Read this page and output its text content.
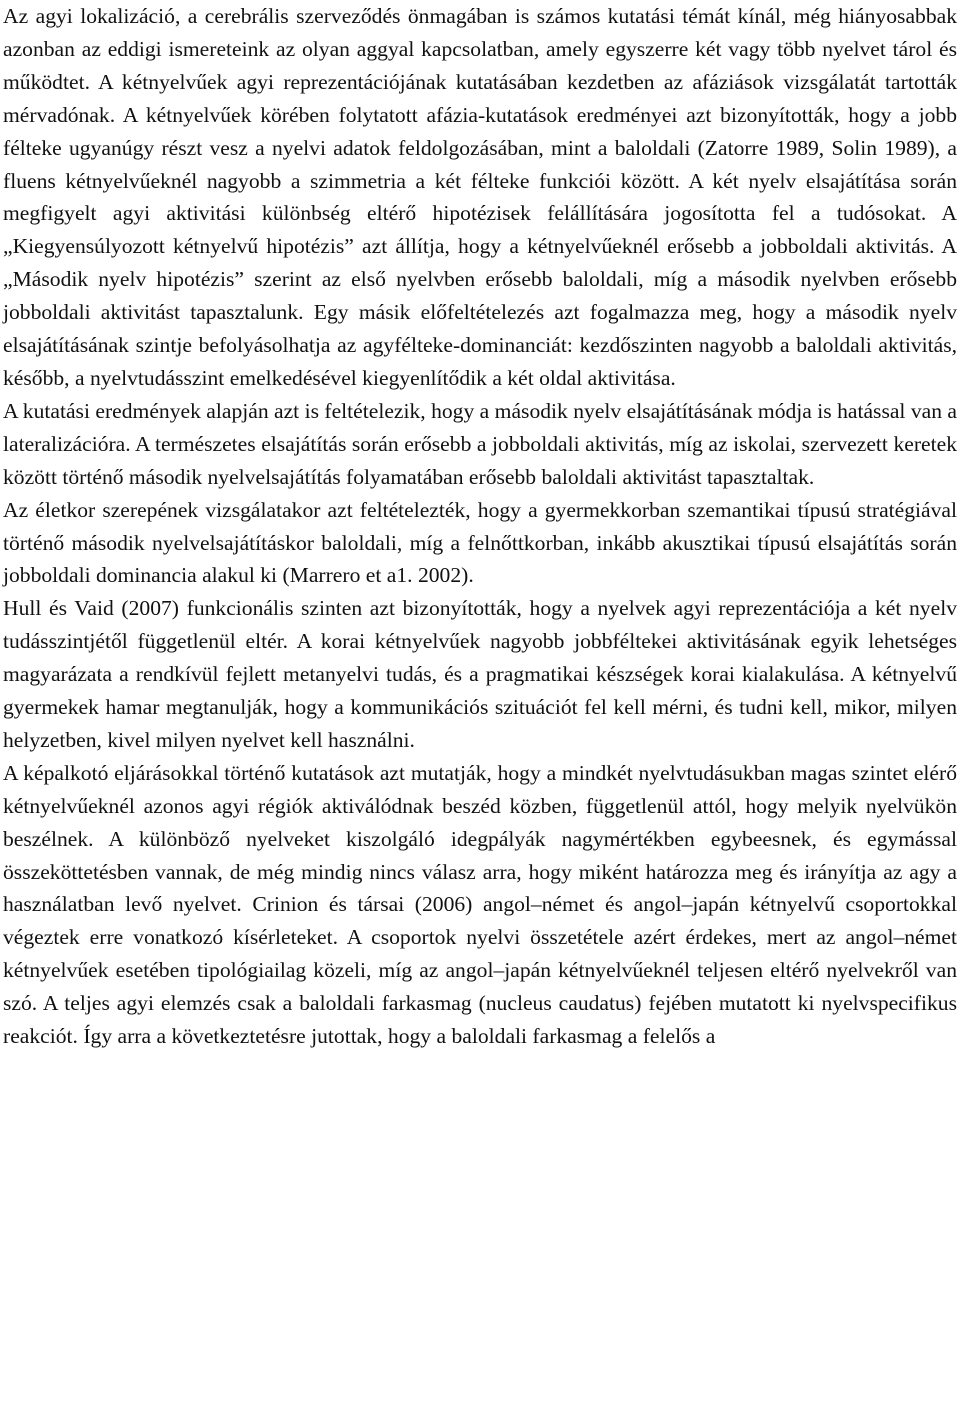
Az agyi lokalizáció, a cerebrális szerveződés önmagában is számos kutatási témát kínál, még hiányosabbak azonban az eddigi ismereteink az olyan aggyal kapcsolatban, amely egyszerre két vagy több nyelvet tárol és működtet. A kétnyelvűek agyi reprezentációjának kutatásában kezdetben az afáziások vizsgálatát tartották mérvadónak. A kétnyelvűek körében folytatott afázia-kutatások eredményei azt bizonyították, hogy a jobb félteke ugyanúgy részt vesz a nyelvi adatok feldolgozásában, mint a baloldali (Zatorre 1989, Solin 1989), a fluens kétnyelvűeknél nagyobb a szimmetria a két félteke funkciói között. A két nyelv elsajátítása során megfigyelt agyi aktivitási különbség eltérő hipotézisek felállítására jogosította fel a tudósokat. A „Kiegyensúlyozott kétnyelvű hipotézis” azt állítja, hogy a kétnyelvűeknél erősebb a jobboldali aktivitás. A „Második nyelv hipotézis” szerint az első nyelvben erősebb baloldali, míg a második nyelvben erősebb jobboldali aktivitást tapasztalunk. Egy másik előfeltételezés azt fogalmazza meg, hogy a második nyelv elsajátításának szintje befolyásolhatja az agyfélteke-dominanciát: kezdőszinten nagyobb a baloldali aktivitás, később, a nyelvtudásszint emelkedésével kiegyenlítődik a két oldal aktivitása.

A kutatási eredmények alapján azt is feltételezik, hogy a második nyelv elsajátításának módja is hatással van a lateralizációra. A természetes elsajátítás során erősebb a jobboldali aktivitás, míg az iskolai, szervezett keretek között történő második nyelvelsajátítás folyamatában erősebb baloldali aktivitást tapasztaltak.

Az életkor szerepének vizsgálatakor azt feltételezték, hogy a gyermekkorban szemantikai típusú stratégiával történő második nyelvelsajátításkor baloldali, míg a felnőttkorban, inkább akusztikai típusú elsajátítás során jobboldali dominancia alakul ki (Marrero et a1. 2002).

Hull és Vaid (2007) funkcionális szinten azt bizonyították, hogy a nyelvek agyi reprezentációja a két nyelv tudásszintjétől függetlenül eltér. A korai kétnyelvűek nagyobb jobbféltekei aktivitásának egyik lehetséges magyarázata a rendkívül fejlett metanyelvi tudás, és a pragmatikai készségek korai kialakulása. A kétnyelvű gyermekek hamar megtanulják, hogy a kommunikációs szituációt fel kell mérni, és tudni kell, mikor, milyen helyzetben, kivel milyen nyelvet kell használni.

A képalkotó eljárásokkal történő kutatások azt mutatják, hogy a mindkét nyelvtudásukban magas szintet elérő kétnyelvűeknél azonos agyi régiók aktiválódnak beszéd közben, függetlenül attól, hogy melyik nyelvükön beszélnek. A különböző nyelveket kiszolgáló idegpályák nagymértékben egybeesnek, és egymással összeköttetésben vannak, de még mindig nincs válasz arra, hogy miként határozza meg és irányítja az agy a használatban levő nyelvet. Crinion és társai (2006) angol–német és angol–japán kétnyelvű csoportokkal végeztek erre vonatkozó kísérleteket. A csoportok nyelvi összetétele azért érdekes, mert az angol–német kétnyelvűek esetében tipológiailag közeli, míg az angol–japán kétnyelvűeknél teljesen eltérő nyelvekről van szó. A teljes agyi elemzés csak a baloldali farkasmag (nucleus caudatus) fejében mutatott ki nyelvspecifikus reakciót. Így arra a következtetésre jutottak, hogy a baloldali farkasmag a felelős a
